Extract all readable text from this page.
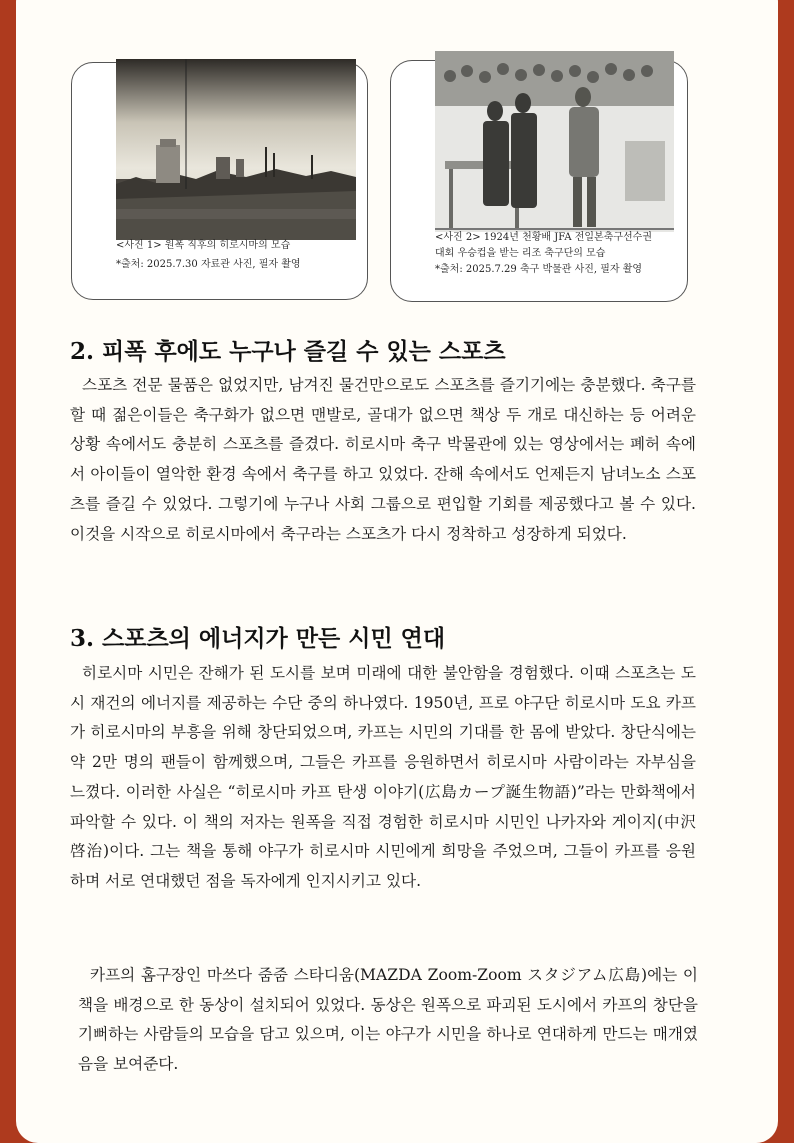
<사진 1> 원폭 직후의 히로시마의 모습
*출처: 2025.7.30 자료관 사진, 필자 촬영
<사진 2> 1924년 천황배 JFA 전일본축구선수권
대회 우승컵을 받는 리조 축구단의 모습
*출처: 2025.7.29 축구 박물관 사진, 필자 촬영
2. 피폭 후에도 누구나 즐길 수 있는 스포츠

스포츠 전문 물품은 없었지만, 남겨진 물건만으로도 스포츠를 즐기기에는 충분했다. 축구를 할 때 젊은이들은 축구화가 없으면 맨발로, 골대가 없으면 책상 두 개로 대신하는 등 어려운 상황 속에서도 충분히 스포츠를 즐겼다. 히로시마 축구 박물관에 있는 영상에서는 폐허 속에서 아이들이 열악한 환경 속에서 축구를 하고 있었다. 잔해 속에서도 언제든지 남녀노소 스포츠를 즐길 수 있었다. 그렇기에 누구나 사회 그룹으로 편입할 기회를 제공했다고 볼 수 있다. 이것을 시작으로 히로시마에서 축구라는 스포츠가 다시 정착하고 성장하게 되었다.

3. 스포츠의 에너지가 만든 시민 연대

히로시마 시민은 잔해가 된 도시를 보며 미래에 대한 불안함을 경험했다. 이때 스포츠는 도시 재건의 에너지를 제공하는 수단 중의 하나였다. 1950년, 프로 야구단 히로시마 도요 카프가 히로시마의 부흥을 위해 창단되었으며, 카프는 시민의 기대를 한 몸에 받았다. 창단식에는 약 2만 명의 팬들이 함께했으며, 그들은 카프를 응원하면서 히로시마 사람이라는 자부심을 느꼈다. 이러한 사실은 “히로시마 카프 탄생 이야기(広島カープ誕生物語)”라는 만화책에서 파악할 수 있다. 이 책의 저자는 원폭을 직접 경험한 히로시마 시민인 나카자와 게이지(中沢啓治)이다. 그는 책을 통해 야구가 히로시마 시민에게 희망을 주었으며, 그들이 카프를 응원하며 서로 연대했던 점을 독자에게 인지시키고 있다.

카프의 홈구장인 마쓰다 줌줌 스타디움(MAZDA Zoom-Zoom スタジアム広島)에는 이 책을 배경으로 한 동상이 설치되어 있었다. 동상은 원폭으로 파괴된 도시에서 카프의 창단을 기뻐하는 사람들의 모습을 담고 있으며, 이는 야구가 시민을 하나로 연대하게 만드는 매개였음을 보여준다.
